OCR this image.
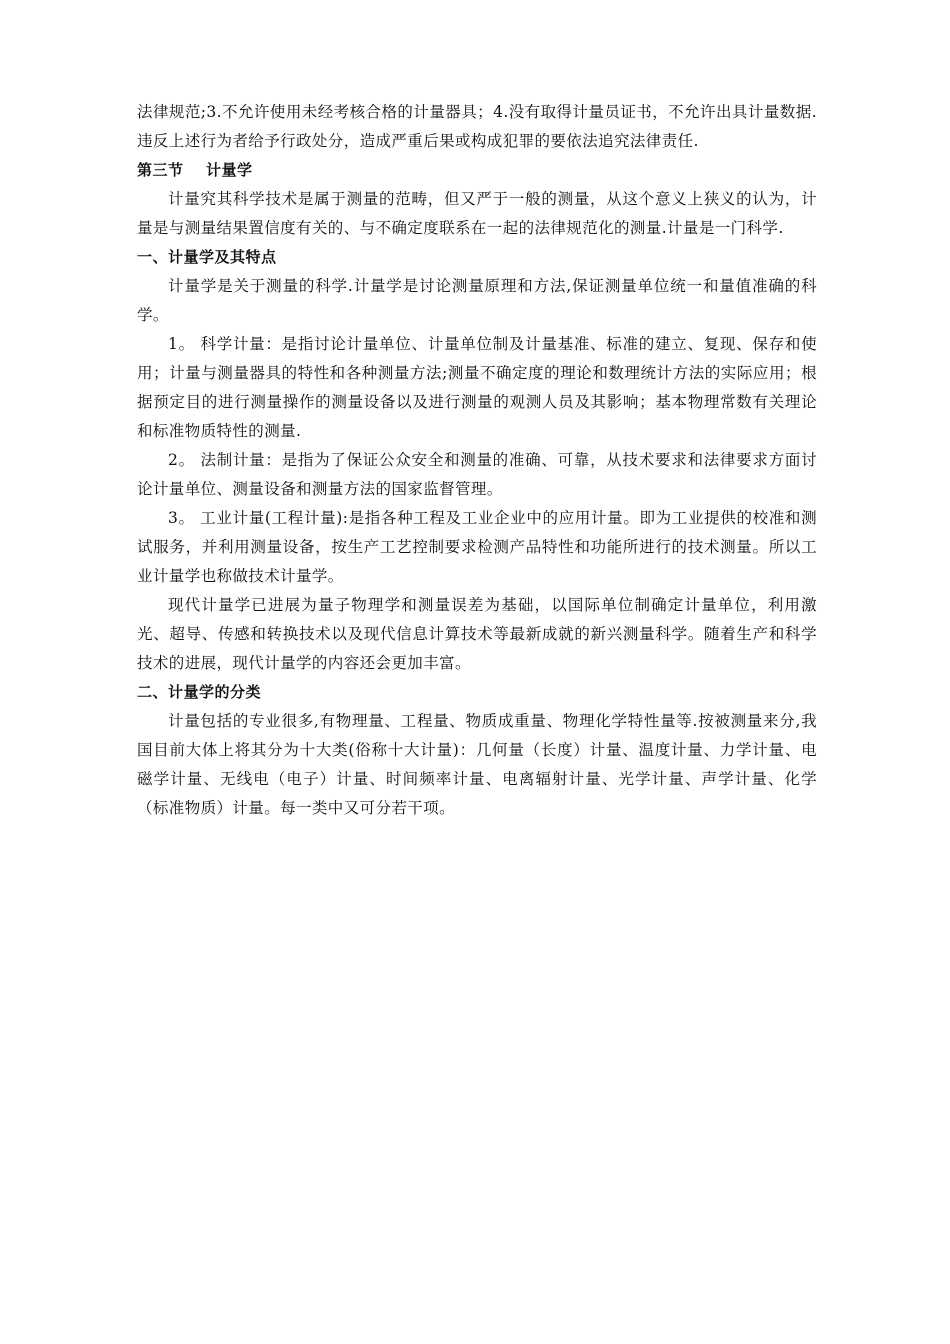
法律规范;3.不允许使用未经考核合格的计量器具；4.没有取得计量员证书，不允许出具计量数据.违反上述行为者给予行政处分，造成严重后果或构成犯罪的要依法追究法律责任.

第三节 计量学

计量究其科学技术是属于测量的范畴，但又严于一般的测量，从这个意义上狭义的认为，计量是与测量结果置信度有关的、与不确定度联系在一起的法律规范化的测量.计量是一门科学.

一、计量学及其特点

计量学是关于测量的科学.计量学是讨论测量原理和方法,保证测量单位统一和量值准确的科学。

1。 科学计量：是指讨论计量单位、计量单位制及计量基准、标准的建立、复现、保存和使用；计量与测量器具的特性和各种测量方法;测量不确定度的理论和数理统计方法的实际应用；根据预定目的进行测量操作的测量设备以及进行测量的观测人员及其影响；基本物理常数有关理论和标准物质特性的测量.

2。 法制计量：是指为了保证公众安全和测量的准确、可靠，从技术要求和法律要求方面讨论计量单位、测量设备和测量方法的国家监督管理。

3。 工业计量(工程计量):是指各种工程及工业企业中的应用计量。即为工业提供的校准和测试服务，并利用测量设备，按生产工艺控制要求检测产品特性和功能所进行的技术测量。所以工业计量学也称做技术计量学。

现代计量学已进展为量子物理学和测量误差为基础，以国际单位制确定计量单位，利用激光、超导、传感和转换技术以及现代信息计算技术等最新成就的新兴测量科学。随着生产和科学技术的进展，现代计量学的内容还会更加丰富。

二、计量学的分类

计量包括的专业很多,有物理量、工程量、物质成重量、物理化学特性量等.按被测量来分,我国目前大体上将其分为十大类(俗称十大计量)：几何量（长度）计量、温度计量、力学计量、电磁学计量、无线电（电子）计量、时间频率计量、电离辐射计量、光学计量、声学计量、化学（标准物质）计量。每一类中又可分若干项。
